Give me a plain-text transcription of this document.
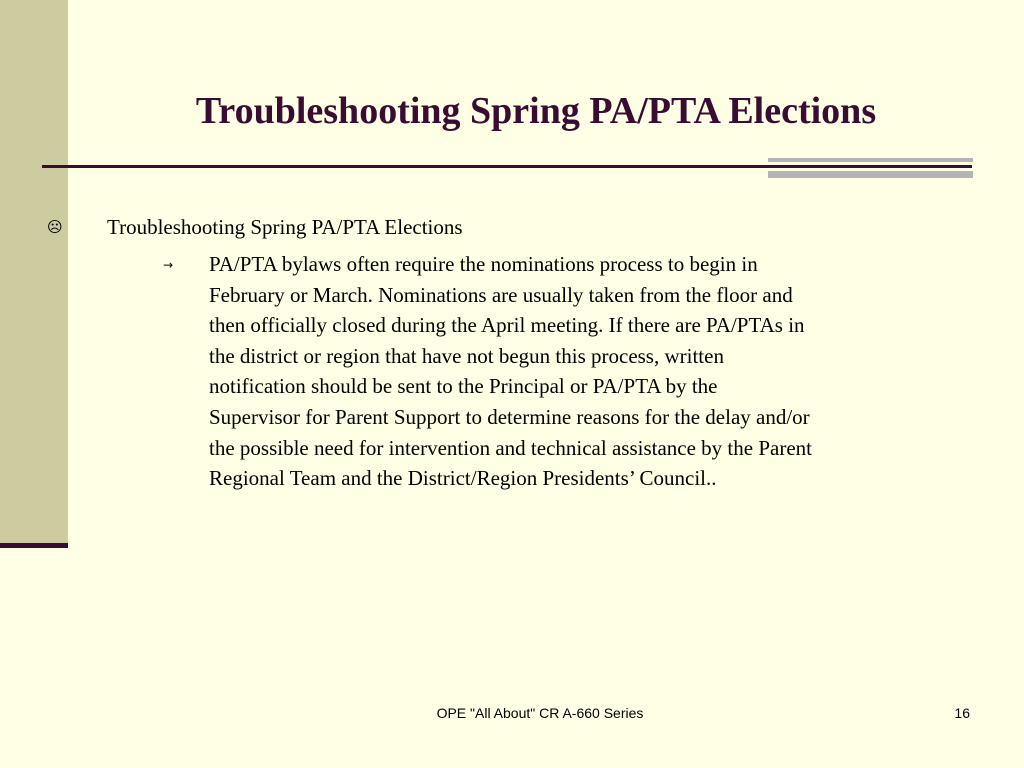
Troubleshooting Spring PA/PTA Elections
☹ Troubleshooting Spring PA/PTA Elections

→ PA/PTA bylaws often require the nominations process to begin in
February or March. Nominations are usually taken from the floor and
then officially closed during the April meeting. If there are PA/PTAs in
the district or region that have not begun this process, written
notification should be sent to the Principal or PA/PTA by the
Supervisor for Parent Support to determine reasons for the delay and/or
the possible need for intervention and technical assistance by the Parent
Regional Team and the District/Region Presidents’ Council..

OPE "All About" CR A-660 Series	16
